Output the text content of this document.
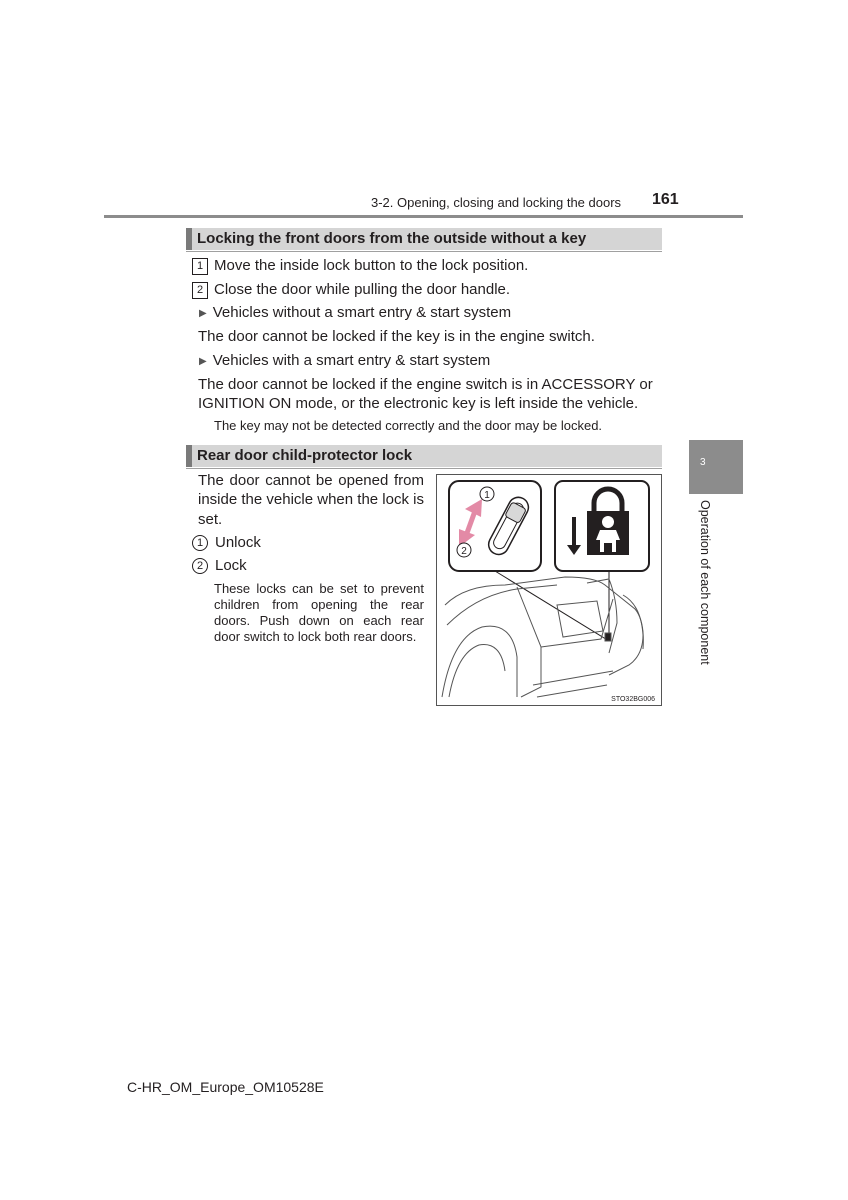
3-2. Opening, closing and locking the doors 161
Locking the front doors from the outside without a key
1 Move the inside lock button to the lock position.
2 Close the door while pulling the door handle.
▶ Vehicles without a smart entry & start system
The door cannot be locked if the key is in the engine switch.
▶ Vehicles with a smart entry & start system
The door cannot be locked if the engine switch is in ACCESSORY or
IGNITION ON mode, or the electronic key is left inside the vehicle.
The key may not be detected correctly and the door may be locked.
Rear door child-protector lock
The door cannot be opened from
inside the vehicle when the lock is
set.
1 Unlock
2 Lock
These locks can be set to prevent
children from opening the rear
doors. Push down on each rear
door switch to lock both rear doors.
1
2
STO32BG006
3
Operation of each component
C-HR_OM_Europe_OM10528E
